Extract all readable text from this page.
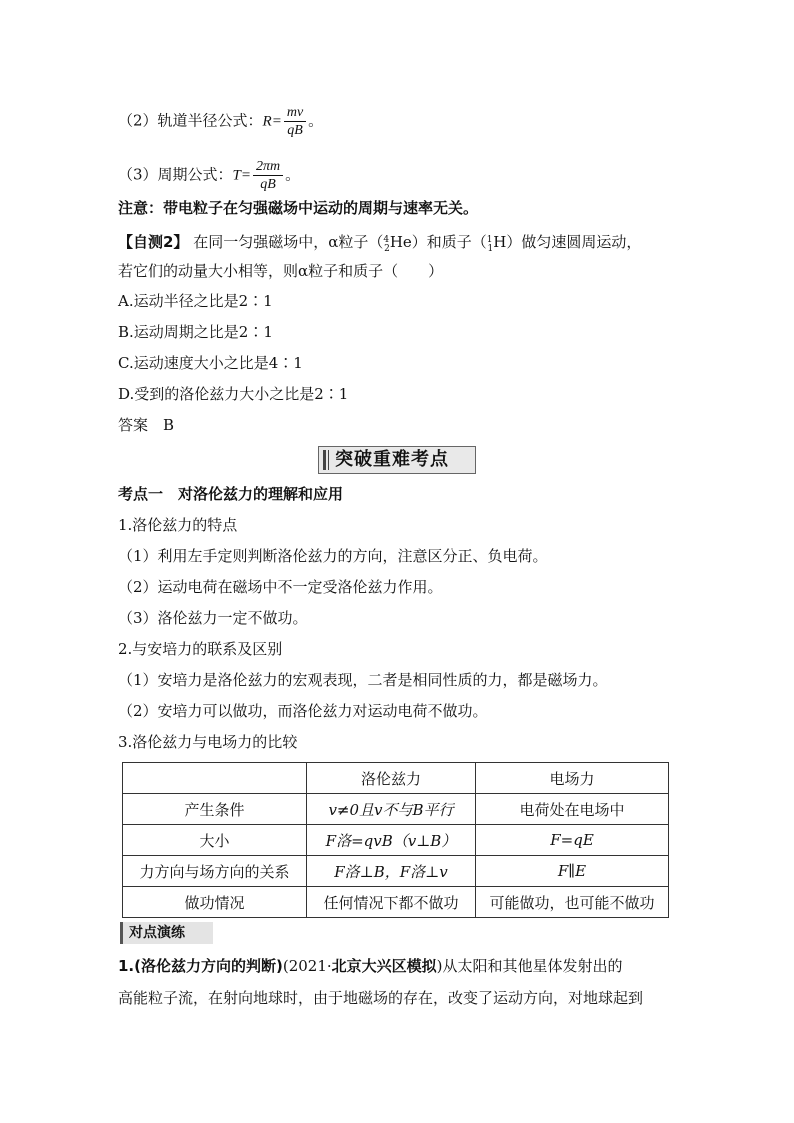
（2）轨道半径公式：$R= \frac{mv}{qB}$ 。
（3）周期公式：$T= \frac{2\pi m}{qB}$ 。
注意：带电粒子在匀强磁场中运动的周期与速率无关。
【自测2】 在同一匀强磁场中，α粒子（$^4_2$He）和质子（$^1_1$H）做匀速圆周运动，
若它们的动量大小相等，则α粒子和质子（　　）
A.运动半径之比是2∶1
B.运动周期之比是2∶1
C.运动速度大小之比是4∶1
D.受到的洛伦兹力大小之比是2∶1
答案　B
突破重难考点
考点一　对洛伦兹力的理解和应用
1.洛伦兹力的特点
（1）利用左手定则判断洛伦兹力的方向，注意区分正、负电荷。
（2）运动电荷在磁场中不一定受洛伦兹力作用。
（3）洛伦兹力一定不做功。
2.与安培力的联系及区别
（1）安培力是洛伦兹力的宏观表现，二者是相同性质的力，都是磁场力。
（2）安培力可以做功，而洛伦兹力对运动电荷不做功。
3.洛伦兹力与电场力的比较
	洛伦兹力	电场力
产生条件	v≠0且v不与B平行	电荷处在电场中
大小	F洛=qvB（v⊥B）	F=qE
力方向与场方向的关系	F洛⊥B，F洛⊥v	F∥E
做功情况	任何情况下都不做功	可能做功，也可能不做功
对点演练
1.(洛伦兹力方向的判断)(2021·北京大兴区模拟)从太阳和其他星体发射出的
高能粒子流，在射向地球时，由于地磁场的存在，改变了运动方向，对地球起到
